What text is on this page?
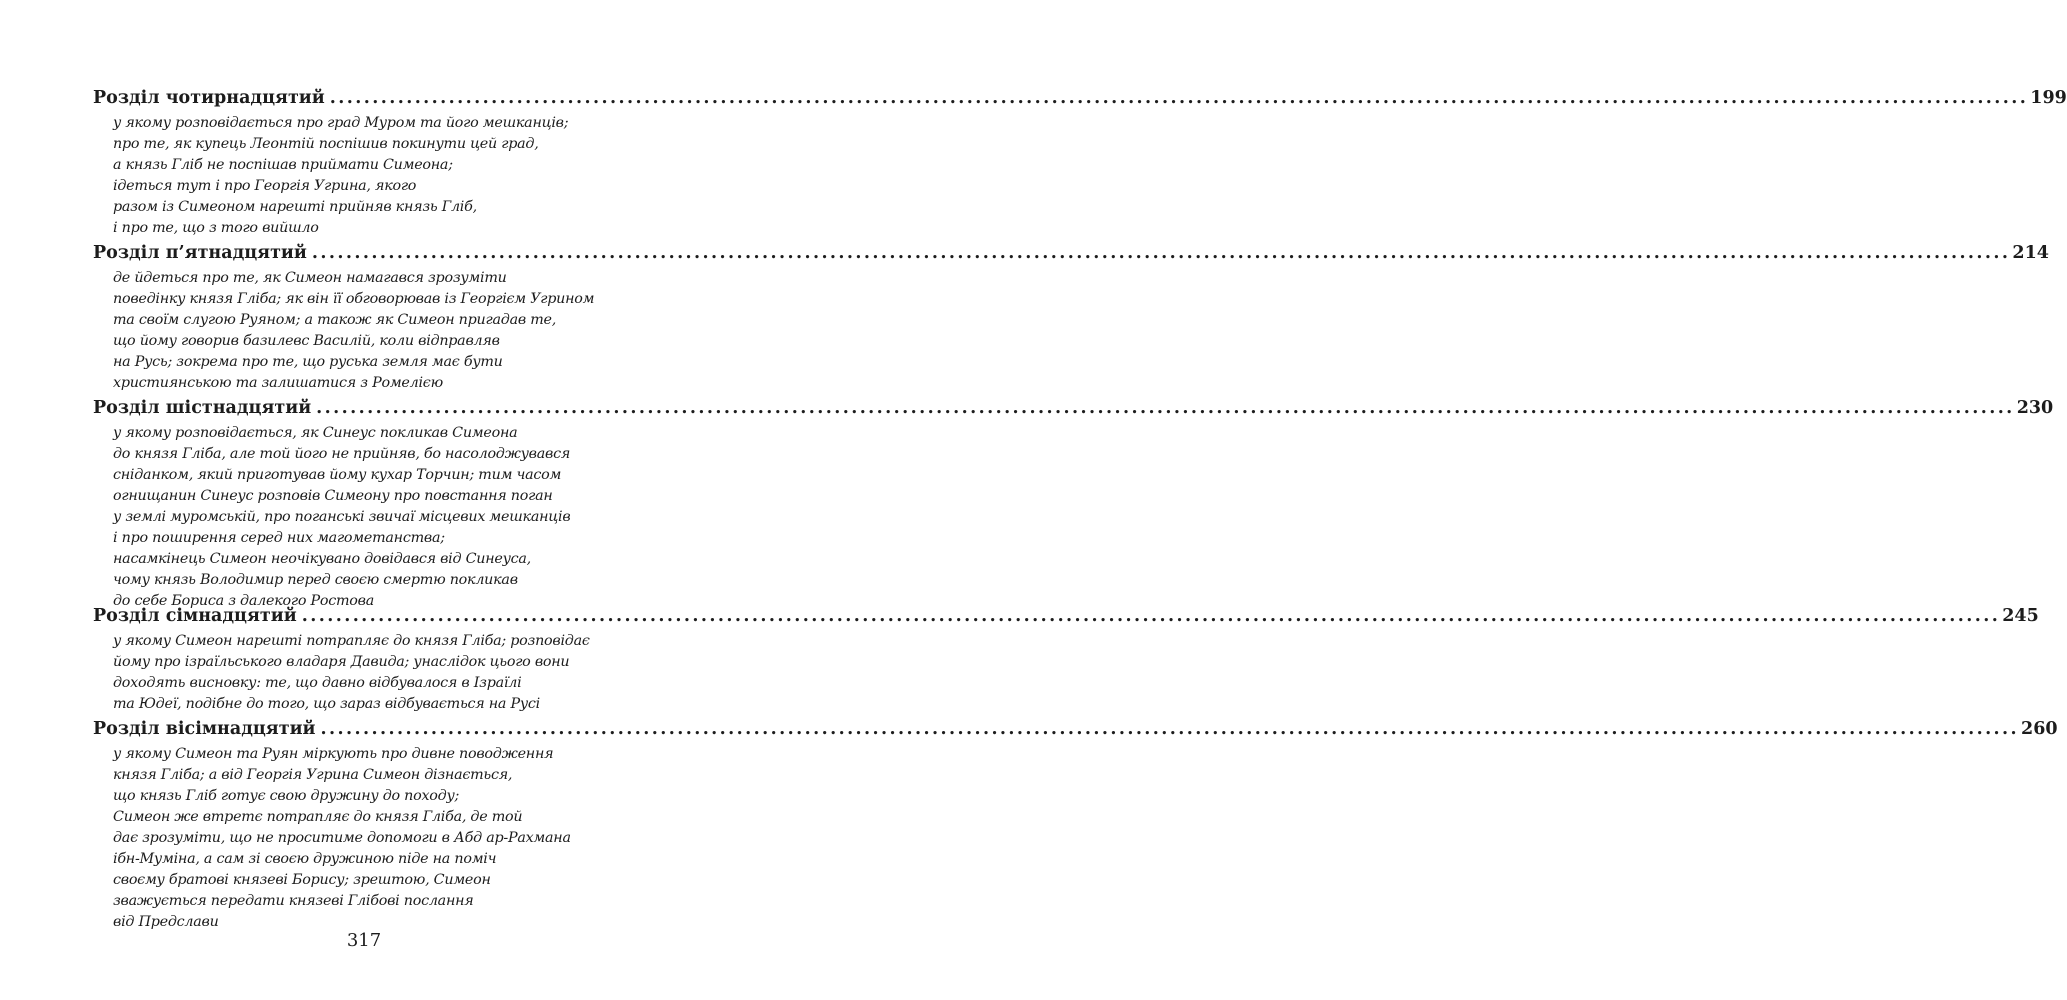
Розділ чотирнадцятий ........................................................................................................................................................................................................ 199
у якому розповідається про град Муром та його мешканців;
про те, як купець Леонтій поспішив покинути цей град,
а князь Гліб не поспішав приймати Симеона;
ідеться тут і про Георгія Угрина, якого
разом із Симеоном нарешті прийняв князь Гліб,
і про те, що з того вийшло
Розділ п’ятнадцятий ........................................................................................................................................................................................................ 214
де йдеться про те, як Симеон намагався зрозуміти
поведінку князя Гліба; як він її обговорював із Георгієм Угрином
та своїм слугою Руяном; а також як Симеон пригадав те,
що йому говорив базилевс Василій, коли відправляв
на Русь; зокрема про те, що руська земля має бути
християнською та залишатися з Ромелією
Розділ шістнадцятий ........................................................................................................................................................................................................ 230
у якому розповідається, як Синеус покликав Симеона
до князя Гліба, але той його не прийняв, бо насолоджувався
сніданком, який приготував йому кухар Торчин; тим часом
огнищанин Синеус розповів Симеону про повстання поган
у землі муромській, про поганські звичаї місцевих мешканців
і про поширення серед них магометанства;
насамкінець Симеон неочікувано довідався від Синеуса,
чому князь Володимир перед своєю смертю покликав
до себе Бориса з далекого Ростова
Розділ сімнадцятий ........................................................................................................................................................................................................ 245
у якому Симеон нарешті потрапляє до князя Гліба; розповідає
йому про ізраїльського владаря Давида; унаслідок цього вони
доходять висновку: те, що давно відбувалося в Ізраїлі
та Юдеї, подібне до того, що зараз відбувається на Русі
Розділ вісімнадцятий ........................................................................................................................................................................................................ 260
у якому Симеон та Руян міркують про дивне поводження
князя Гліба; а від Георгія Угрина Симеон дізнається,
що князь Гліб готує свою дружину до походу;
Симеон же втретє потрапляє до князя Гліба, де той
дає зрозуміти, що не проситиме допомоги в Абд ар-Рахмана
ібн-Муміна, а сам зі своєю дружиною піде на поміч
своєму братові князеві Борису; зрештою, Симеон
зважується передати князеві Глібові послання
від Предслави
317
